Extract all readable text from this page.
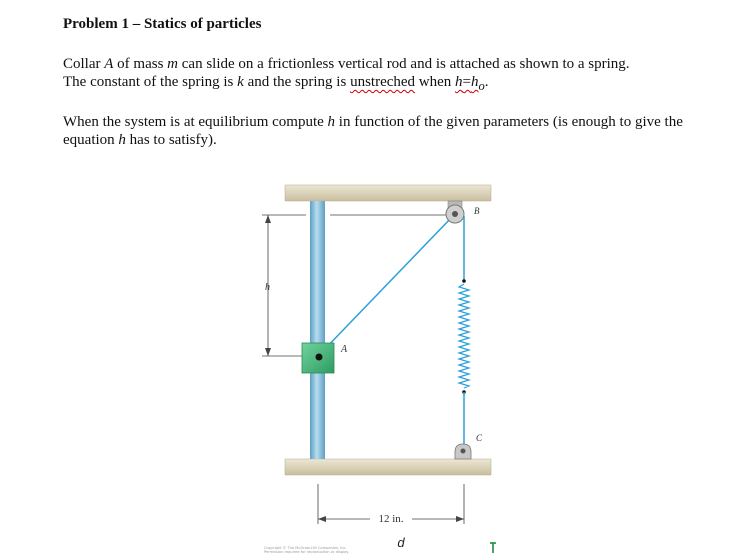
Problem 1 – Statics of particles

Collar A of mass m can slide on a frictionless vertical rod and is attached as shown to a spring.
The constant of the spring is k and the spring is unstreched when $h=h_o$.

When the system is at equilibrium compute h in function of the given parameters (is enough to give the equation h has to satisfy).

h
A
B
C
12 in.
d
Copyright © The McGraw-Hill Companies, Inc.
Permission required for reproduction or display.
